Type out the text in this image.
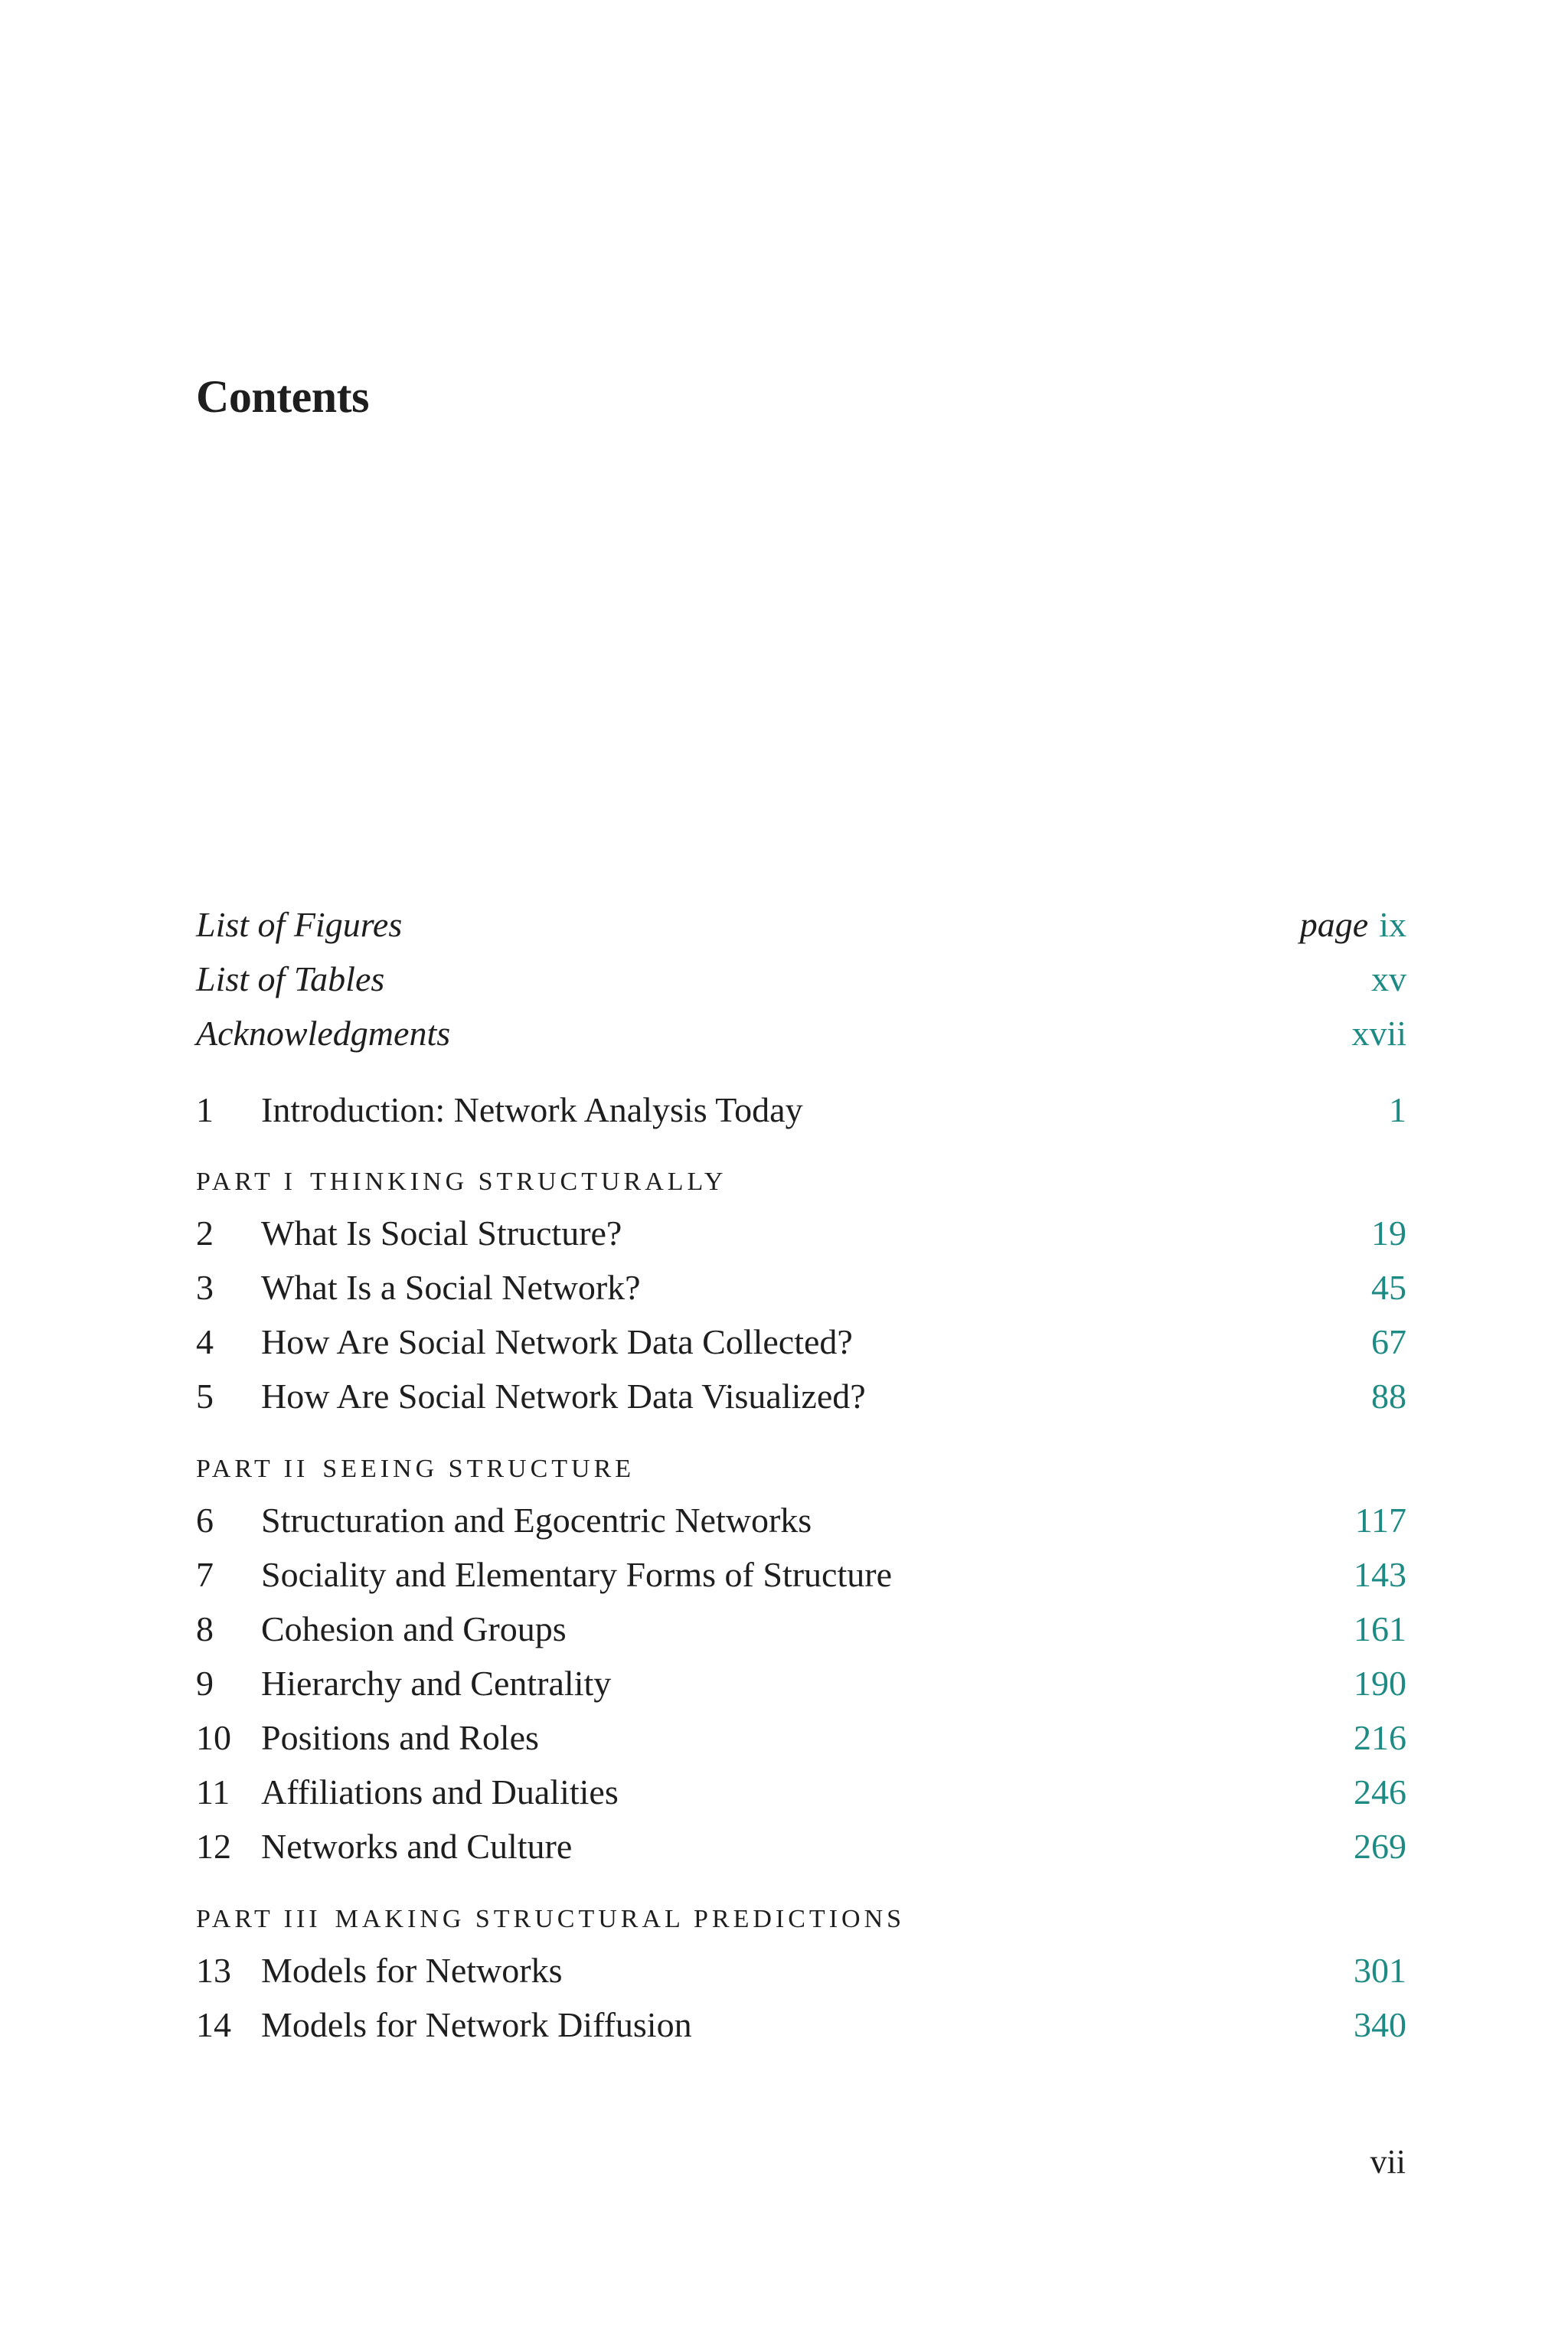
Contents
List of Figures	page ix
List of Tables	xv
Acknowledgments	xvii
1	Introduction: Network Analysis Today	1
PART I THINKING STRUCTURALLY
2	What Is Social Structure?	19
3	What Is a Social Network?	45
4	How Are Social Network Data Collected?	67
5	How Are Social Network Data Visualized?	88
PART II SEEING STRUCTURE
6	Structuration and Egocentric Networks	117
7	Sociality and Elementary Forms of Structure	143
8	Cohesion and Groups	161
9	Hierarchy and Centrality	190
10 Positions and Roles	216
11 Affiliations and Dualities	246
12 Networks and Culture	269
PART III MAKING STRUCTURAL PREDICTIONS
13 Models for Networks	301
14 Models for Network Diffusion	340
vii
